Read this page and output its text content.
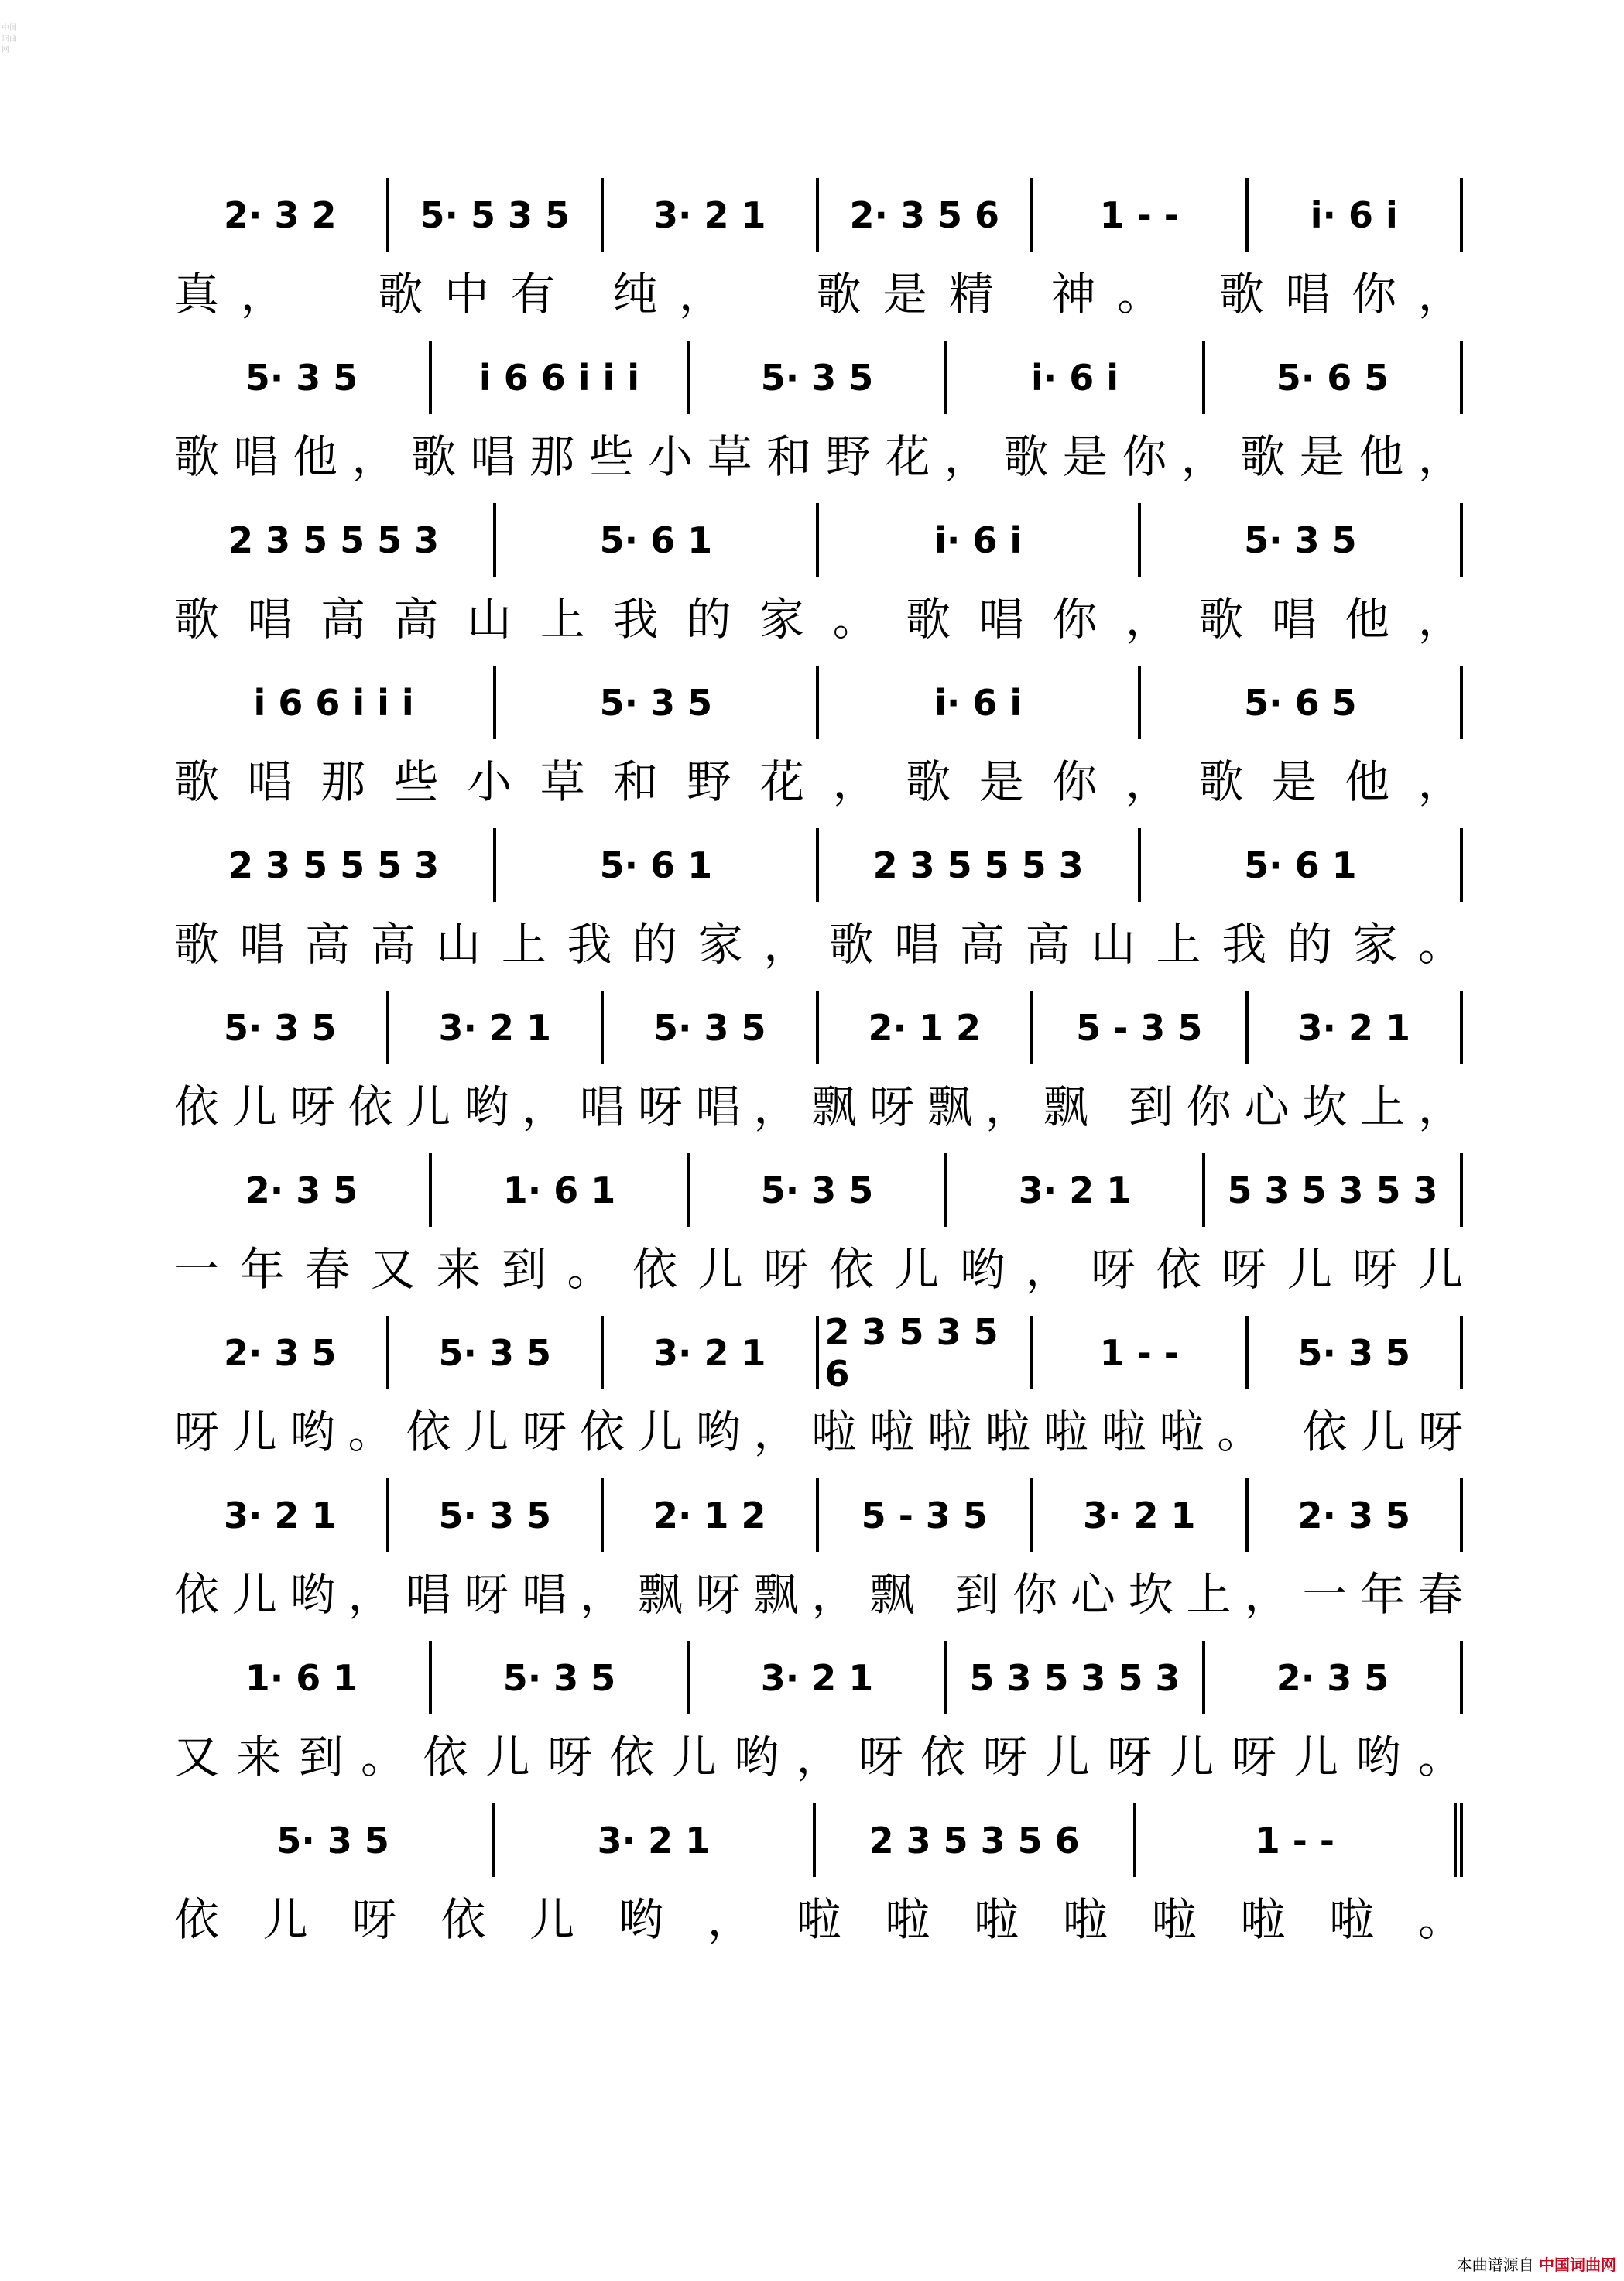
中国词曲网
2· 3 2	5· 5 3 5	3· 2 1	2· 3 5 6	1 - -	i· 6 i
真 ，

歌 中 有
纯 ，

歌 是 精
神 。
歌 唱 你 ，
5· 3 5	i 6 6 i i i	5· 3 5	i· 6 i	5· 6 5
歌 唱 他 ， 歌 唱 那 些 小 草 和 野 花 ， 歌 是 你 ， 歌 是 他 ，
2 3 5 5 5 3	5· 6 1	i· 6 i	5· 3 5
歌 唱 高 高 山 上 我 的 家 。 歌 唱 你 ， 歌 唱 他 ，
i 6 6 i i i	5· 3 5	i· 6 i	5· 6 5
歌 唱 那 些 小 草 和 野 花 ， 歌 是 你 ， 歌 是 他 ，
2 3 5 5 5 3	5· 6 1	2 3 5 5 5 3	5· 6 1
歌 唱 高 高 山 上 我 的 家 ， 歌 唱 高 高 山 上 我 的 家 。
5· 3 5	3· 2 1	5· 3 5	2· 1 2	5 - 3 5	3· 2 1
依 儿 呀 依 儿 哟 ， 唱 呀 唱 ， 飘 呀 飘 ， 飘
到 你 心 坎 上 ，
2· 3 5	1· 6 1	5· 3 5	3· 2 1	5 3 5 3 5 3
一 年 春 又 来 到 。 依 儿 呀 依 儿 哟 ， 呀 依 呀 儿 呀 儿
2· 3 5	5· 3 5	3· 2 1	2 3 5 3 5 6	1 - -	5· 3 5
呀 儿 哟 。 依 儿 呀 依 儿 哟 ， 啦 啦 啦 啦 啦 啦 啦 。
依 儿 呀
3· 2 1	5· 3 5	2· 1 2	5 - 3 5	3· 2 1	2· 3 5
依 儿 哟 ， 唱 呀 唱 ， 飘 呀 飘 ， 飘
到 你 心 坎 上 ， 一 年 春
1· 6 1	5· 3 5	3· 2 1	5 3 5 3 5 3	2· 3 5
又 来 到 。 依 儿 呀 依 儿 哟 ， 呀 依 呀 儿 呀 儿 呀 儿 哟 。
5· 3 5	3· 2 1	2 3 5 3 5 6	1 - -
依 儿 呀 依 儿 哟 ， 啦 啦 啦 啦 啦 啦 啦 。
本曲谱源自 中国词曲网
